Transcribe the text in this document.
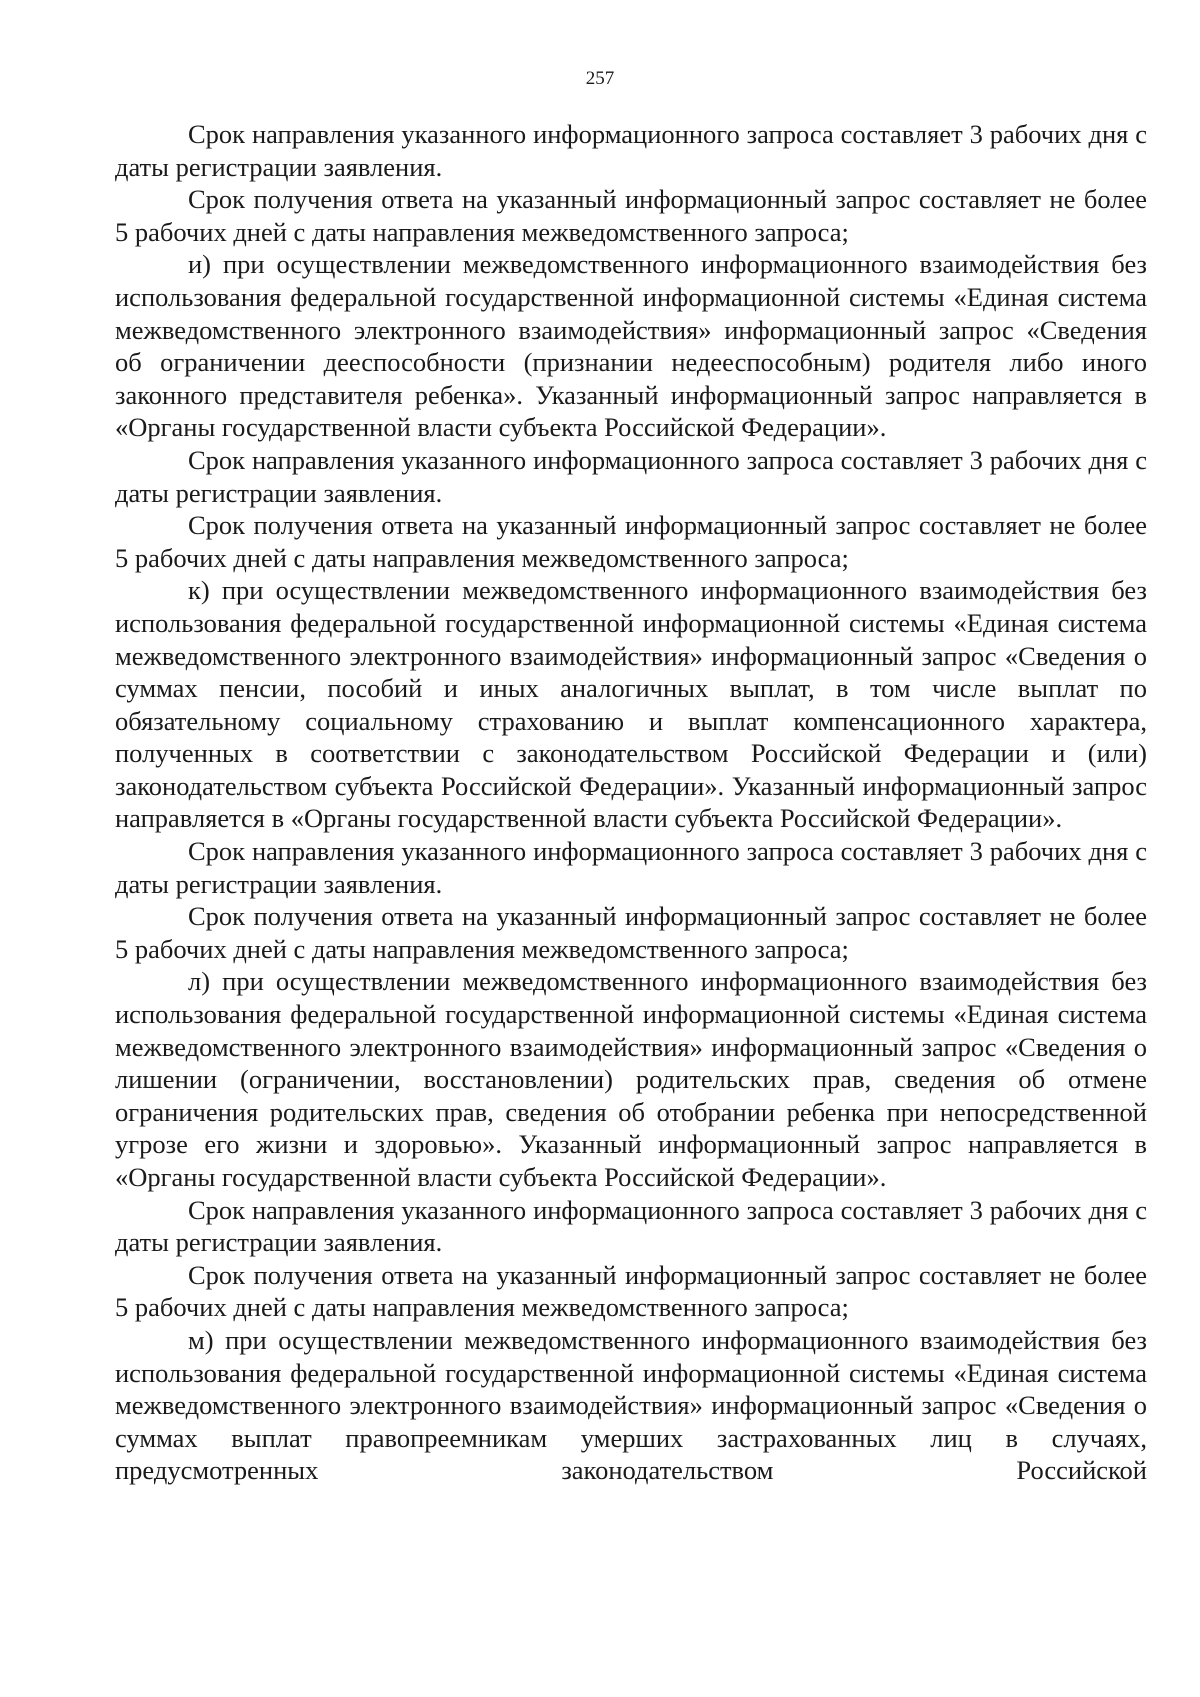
257

Срок направления указанного информационного запроса составляет 3 рабочих дня с даты регистрации заявления.

Срок получения ответа на указанный информационный запрос составляет не более 5 рабочих дней с даты направления межведомственного запроса;

и) при осуществлении межведомственного информационного взаимодействия без использования федеральной государственной информационной системы «Единая система межведомственного электронного взаимодействия» информационный запрос «Сведения об ограничении дееспособности (признании недееспособным) родителя либо иного законного представителя ребенка». Указанный информационный запрос направляется в «Органы государственной власти субъекта Российской Федерации».

Срок направления указанного информационного запроса составляет 3 рабочих дня с даты регистрации заявления.

Срок получения ответа на указанный информационный запрос составляет не более 5 рабочих дней с даты направления межведомственного запроса;

к) при осуществлении межведомственного информационного взаимодействия без использования федеральной государственной информационной системы «Единая система межведомственного электронного взаимодействия» информационный запрос «Сведения о суммах пенсии, пособий и иных аналогичных выплат, в том числе выплат по обязательному социальному страхованию и выплат компенсационного характера, полученных в соответствии с законодательством Российской Федерации и (или) законодательством субъекта Российской Федерации». Указанный информационный запрос направляется в «Органы государственной власти субъекта Российской Федерации».

Срок направления указанного информационного запроса составляет 3 рабочих дня с даты регистрации заявления.

Срок получения ответа на указанный информационный запрос составляет не более 5 рабочих дней с даты направления межведомственного запроса;

л) при осуществлении межведомственного информационного взаимодействия без использования федеральной государственной информационной системы «Единая система межведомственного электронного взаимодействия» информационный запрос «Сведения о лишении (ограничении, восстановлении) родительских прав, сведения об отмене ограничения родительских прав, сведения об отобрании ребенка при непосредственной угрозе его жизни и здоровью». Указанный информационный запрос направляется в «Органы государственной власти субъекта Российской Федерации».

Срок направления указанного информационного запроса составляет 3 рабочих дня с даты регистрации заявления.

Срок получения ответа на указанный информационный запрос составляет не более 5 рабочих дней с даты направления межведомственного запроса;

м) при осуществлении межведомственного информационного взаимодействия без использования федеральной государственной информационной системы «Единая система межведомственного электронного взаимодействия» информационный запрос «Сведения о суммах выплат правопреемникам умерших застрахованных лиц в случаях, предусмотренных законодательством Российской
